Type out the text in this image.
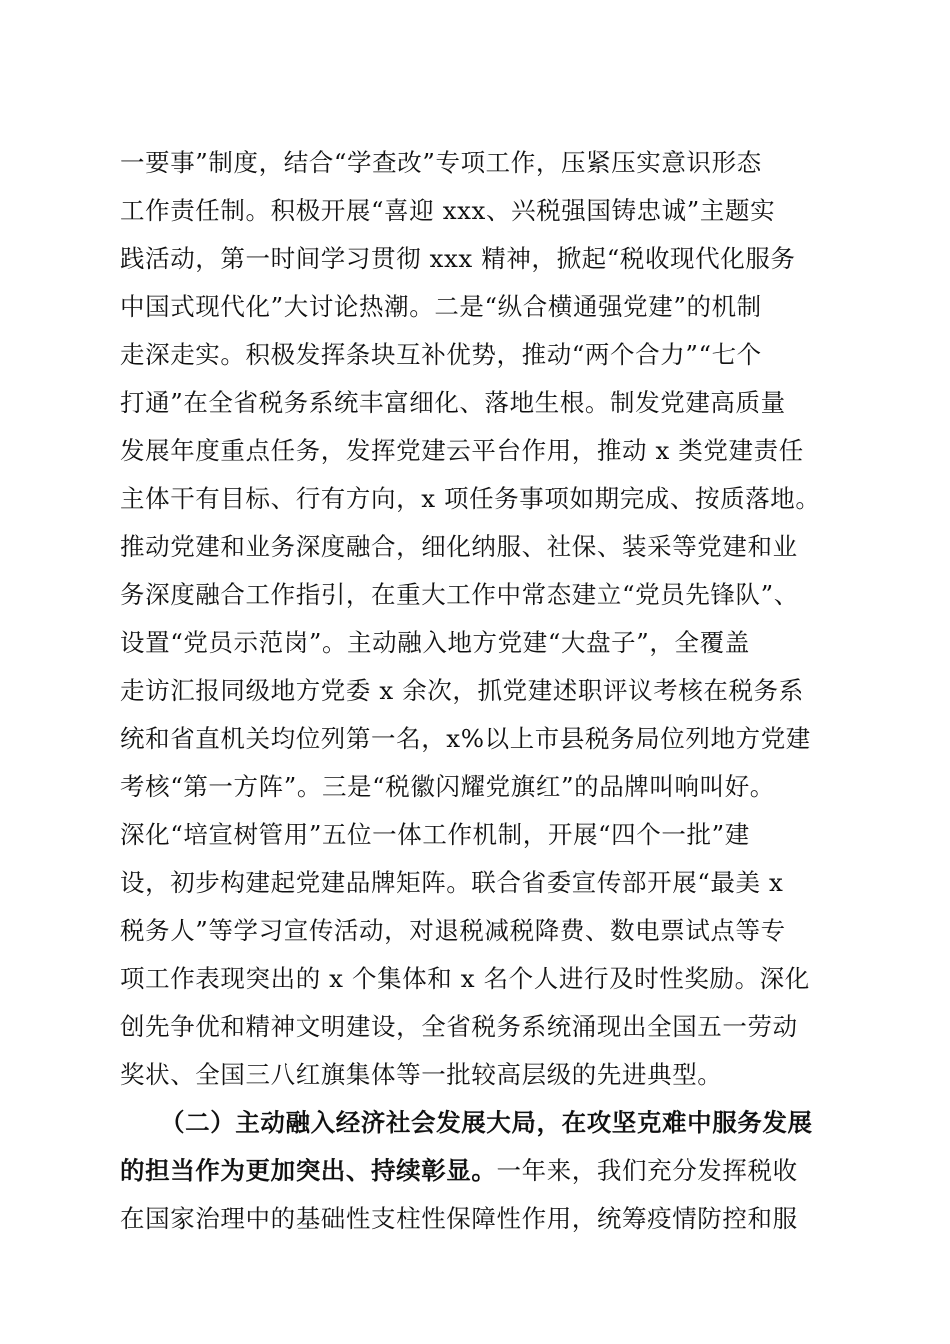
一要事”制度，结合“学查改”专项工作，压紧压实意识形态
工作责任制。积极开展“喜迎 xxx、兴税强国铸忠诚”主题实
践活动，第一时间学习贯彻 xxx 精神，掀起“税收现代化服务
中国式现代化”大讨论热潮。二是“纵合横通强党建”的机制
走深走实。积极发挥条块互补优势，推动“两个合力”“七个
打通”在全省税务系统丰富细化、落地生根。制发党建高质量
发展年度重点任务，发挥党建云平台作用，推动 x 类党建责任
主体干有目标、行有方向，x 项任务事项如期完成、按质落地。
推动党建和业务深度融合，细化纳服、社保、装采等党建和业
务深度融合工作指引，在重大工作中常态建立“党员先锋队”、
设置“党员示范岗”。主动融入地方党建“大盘子”，全覆盖
走访汇报同级地方党委 x 余次，抓党建述职评议考核在税务系
统和省直机关均位列第一名，x%以上市县税务局位列地方党建
考核“第一方阵”。三是“税徽闪耀党旗红”的品牌叫响叫好。
深化“培宣树管用”五位一体工作机制，开展“四个一批”建
设，初步构建起党建品牌矩阵。联合省委宣传部开展“最美 x
税务人”等学习宣传活动，对退税减税降费、数电票试点等专
项工作表现突出的 x 个集体和 x 名个人进行及时性奖励。深化
创先争优和精神文明建设，全省税务系统涌现出全国五一劳动
奖状、全国三八红旗集体等一批较高层级的先进典型。
（二）主动融入经济社会发展大局，在攻坚克难中服务发展
的担当作为更加突出、持续彰显。一年来，我们充分发挥税收
在国家治理中的基础性支柱性保障性作用，统筹疫情防控和服
